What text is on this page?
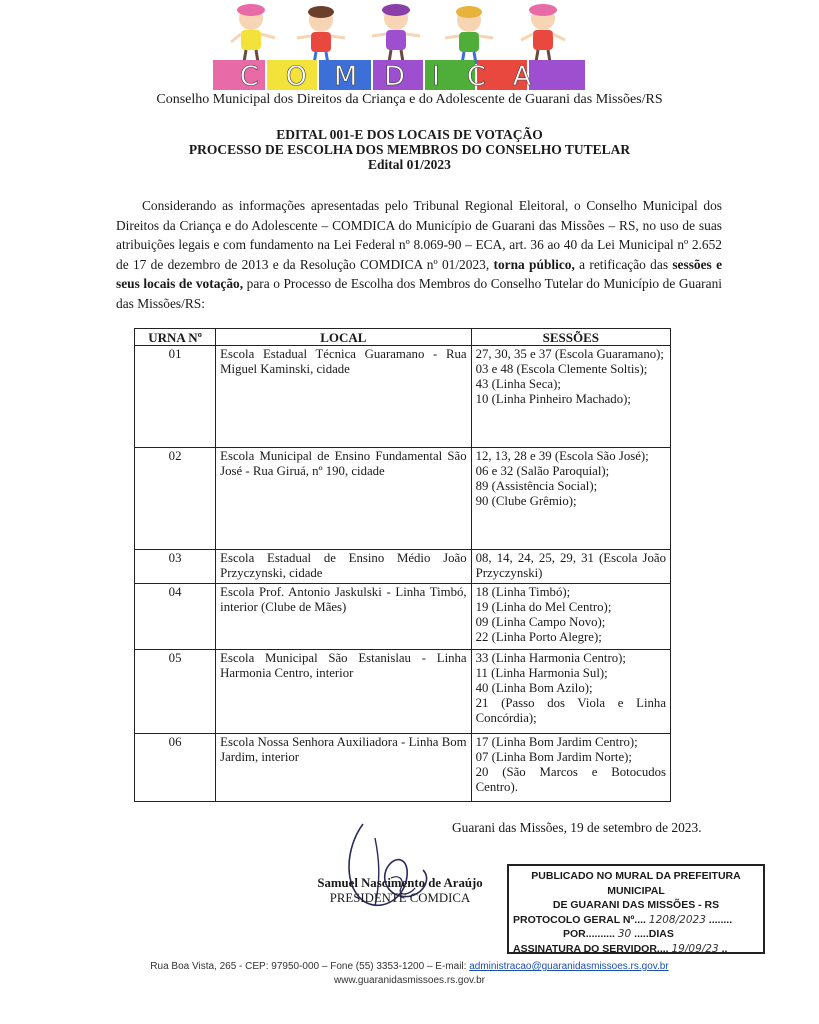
COMDICA
Conselho Municipal dos Direitos da Criança e do Adolescente de Guarani das Missões/RS
EDITAL 001-E DOS LOCAIS DE VOTAÇÃO
PROCESSO DE ESCOLHA DOS MEMBROS DO CONSELHO TUTELAR
Edital 01/2023

Considerando as informações apresentadas pelo Tribunal Regional Eleitoral, o Conselho Municipal dos Direitos da Criança e do Adolescente – COMDICA do Município de Guarani das Missões – RS, no uso de suas atribuições legais e com fundamento na Lei Federal nº 8.069-90 – ECA, art. 36 ao 40 da Lei Municipal nº 2.652 de 17 de dezembro de 2013 e da Resolução COMDICA nº 01/2023, torna público, a retificação das sessões e seus locais de votação, para o Processo de Escolha dos Membros do Conselho Tutelar do Município de Guarani das Missões/RS:

URNA Nº	LOCAL	SESSÕES
01	Escola Estadual Técnica Guaramano - Rua Miguel Kaminski, cidade	27, 30, 35 e 37 (Escola Guaramano);
03 e 48 (Escola Clemente Soltis);
43 (Linha Seca);
10 (Linha Pinheiro Machado);

02	Escola Municipal de Ensino Fundamental São José - Rua Giruá, nº 190, cidade	12, 13, 28 e 39 (Escola São José);
06 e 32 (Salão Paroquial);
89 (Assistência Social);
90 (Clube Grêmio);

03	Escola Estadual de Ensino Médio João Przyczynski, cidade	08, 14, 24, 25, 29, 31 (Escola João Przyczynski)

04	Escola Prof. Antonio Jaskulski - Linha Timbó, interior (Clube de Mães)	18 (Linha Timbó);
19 (Linha do Mel Centro);
09 (Linha Campo Novo);
22 (Linha Porto Alegre);

05	Escola Municipal São Estanislau - Linha Harmonia Centro, interior	33 (Linha Harmonia Centro);
11 (Linha Harmonia Sul);
40 (Linha Bom Azilo);
21 (Passo dos Viola e Linha Concórdia);

06	Escola Nossa Senhora Auxiliadora - Linha Bom Jardim, interior	17 (Linha Bom Jardim Centro);
07 (Linha Bom Jardim Norte);
20 (São Marcos e Botocudos Centro).
Guarani das Missões, 19 de setembro de 2023.
Samuel Nascimento de Araújo
PRESIDENTE COMDICA
PUBLICADO NO MURAL DA PREFEITURA MUNICIPAL
DE GUARANI DAS MISSÕES - RS
PROTOCOLO GERAL Nº.... 1208/2023 ........
POR.......... 30 .....DIAS
ASSINATURA DO SERVIDOR.... 19/09/23 ..
Rua Boa Vista, 265 - CEP: 97950-000 – Fone (55) 3353-1200 – E-mail: administracao@guaranidasmissoes.rs.gov.br
www.guaranidasmissoes.rs.gov.br
